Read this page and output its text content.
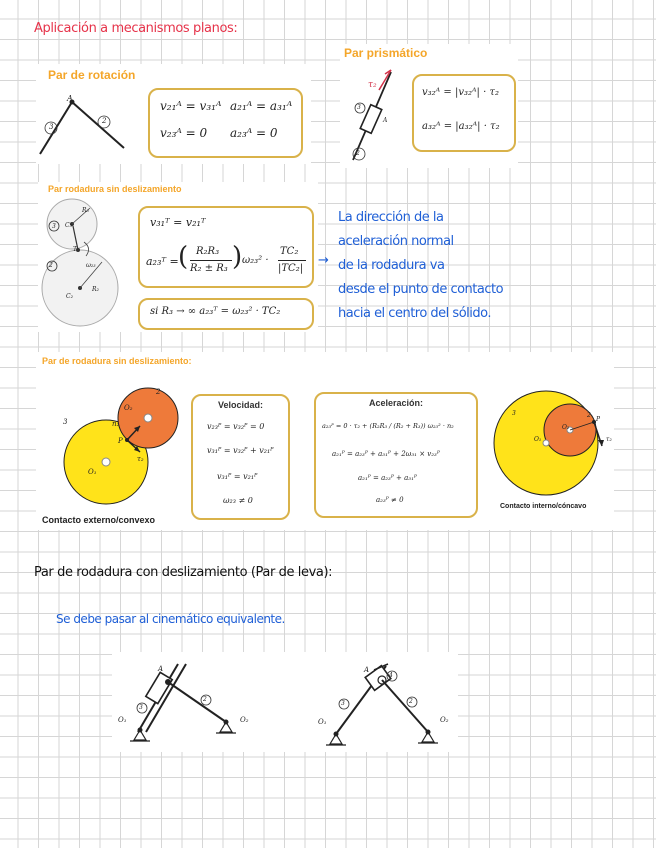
Aplicación a mecanismos planos:
Par de rotación
A
3
2
v₂₁ᴬ = v₃₁ᴬ a₂₁ᴬ = a₃₁ᴬ
v₂₃ᴬ = 0 a₂₃ᴬ = 0
Par prismático
τ₂
A
3
2
v₃₂ᴬ = |v₃₂ᴬ| · τ₂
a₃₂ᴬ = |a₃₂ᴬ| · τ₂
Par rodadura sin deslizamiento
R₃
C₃
3
T
ω₂₃
2
C₂
R₂
v₃₁ᵀ = v₂₁ᵀ
a₂₃ᵀ = ( R₂R₃
R₂ ± R₃ ) ω₂₃² ·
TC₂
|TC₂|
si R₃ → ∞ a₂₃ᵀ = ω₂₃² · TC₂
→
La dirección de la
aceleración normal
de la rodadura va
desde el punto de contacto
hacia el centro del sólido.
Par de rodadura sin deslizamiento:
3
2
O₁
O₂
P
n₂
τ₂
Contacto externo/convexo
Velocidad:
v₂₃ᴾ = v₃₂ᴾ = 0
v₃₁ᴾ = v₃₂ᴾ + v₂₁ᴾ
v₃₁ᴾ = v₂₁ᴾ
ω₂₃ ≠ 0
Aceleración:
a₂₃ᴾ = 0 · τ₂ + (R₂R₃ / (R₂ + R₃)) ω₂₃² · n₂
a₂₁ᴾ = a₂₃ᴾ + a₃₁ᴾ + 2ω₃₁ × v₂₃ᴾ
a₂₁ᴾ = a₂₃ᴾ + a₃₁ᴾ
a₂₃ᴾ ≠ 0
3	2
O₁
O₂
P
τ₂
Contacto interno/cóncavo
Par de rodadura con deslizamiento (Par de leva):
Se debe pasar al cinemático equivalente.
A
O₁	O₂
3
2
A
4
O₁	O₂
3	2
